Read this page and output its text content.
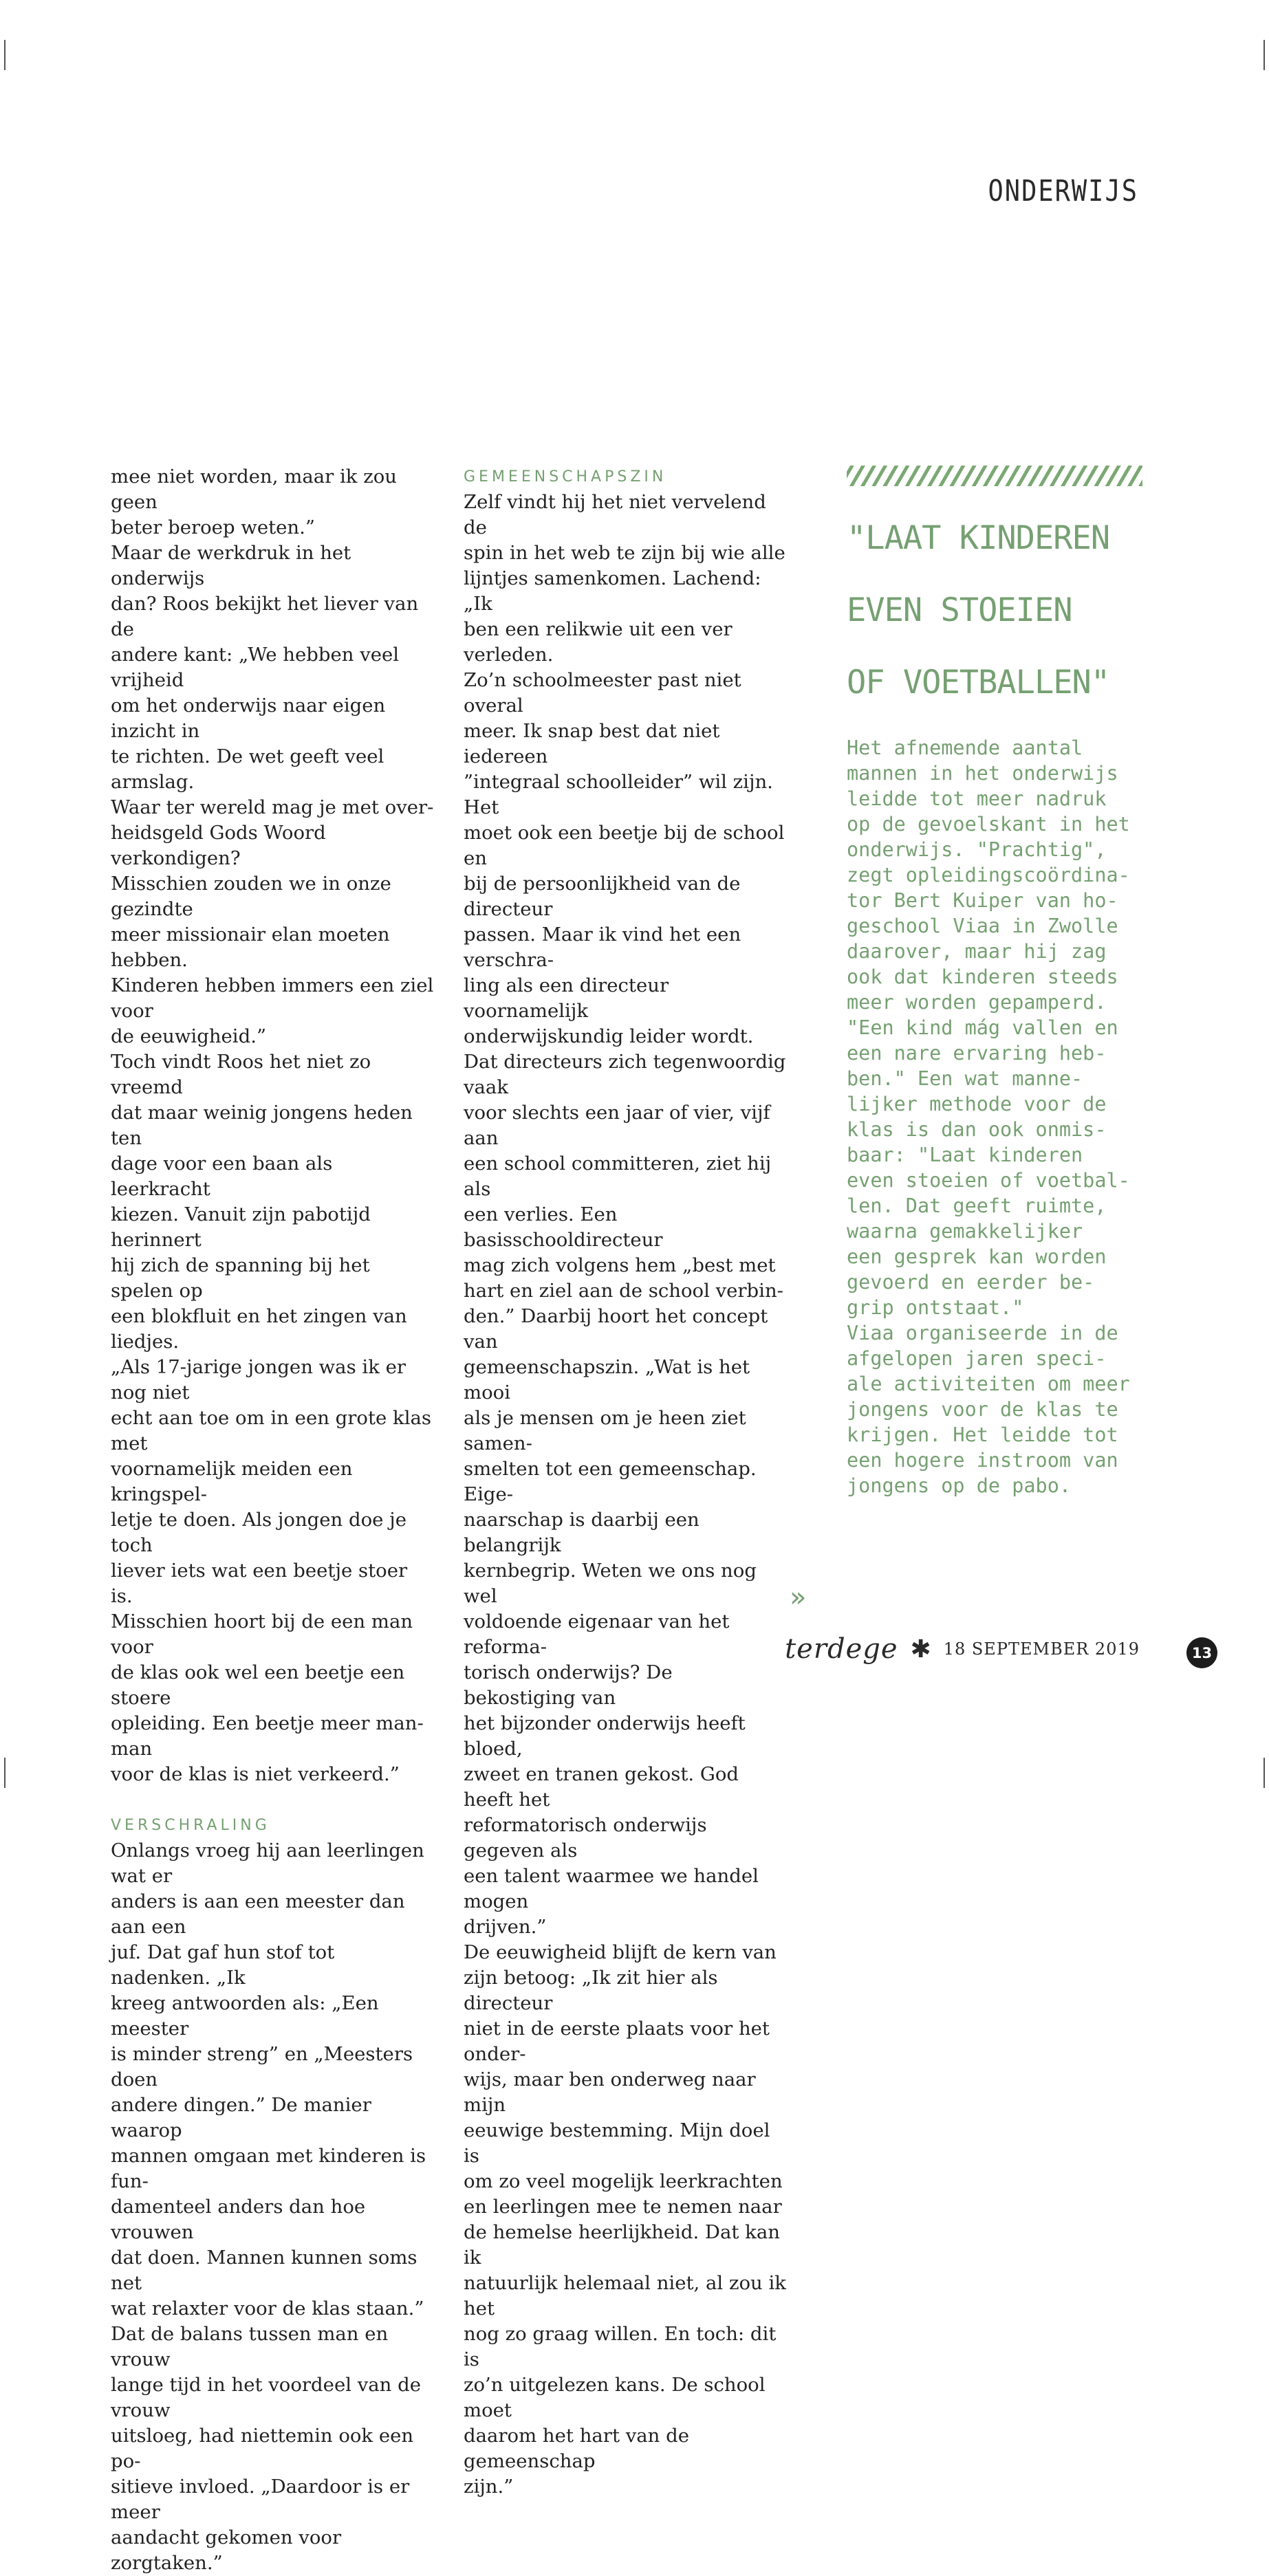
ONDERWIJS

mee niet worden, maar ik zou geen

beter beroep weten.”

Maar de werkdruk in het onderwijs

dan? Roos bekijkt het liever van de

andere kant: „We hebben veel vrijheid

om het onderwijs naar eigen inzicht in

te richten. De wet geeft veel armslag.

Waar ter wereld mag je met over-

heidsgeld Gods Woord verkondigen?

Misschien zouden we in onze gezindte

meer missionair elan moeten hebben.

Kinderen hebben immers een ziel voor

de eeuwigheid.”

Toch vindt Roos het niet zo vreemd

dat maar weinig jongens heden ten

dage voor een baan als leerkracht

kiezen. Vanuit zijn pabotijd herinnert

hij zich de spanning bij het spelen op

een blokfluit en het zingen van liedjes.

„Als 17-jarige jongen was ik er nog niet

echt aan toe om in een grote klas met

voornamelijk meiden een kringspel-

letje te doen. Als jongen doe je toch

liever iets wat een beetje stoer is.

Misschien hoort bij de een man voor

de klas ook wel een beetje een stoere

opleiding. Een beetje meer man-man

voor de klas is niet verkeerd.”

VERSCHRALING

Onlangs vroeg hij aan leerlingen wat er

anders is aan een meester dan aan een

juf. Dat gaf hun stof tot nadenken. „Ik

kreeg antwoorden als: „Een meester

is minder streng” en „Meesters doen

andere dingen.” De manier waarop

mannen omgaan met kinderen is fun-

damenteel anders dan hoe vrouwen

dat doen. Mannen kunnen soms net

wat relaxter voor de klas staan.”

Dat de balans tussen man en vrouw

lange tijd in het voordeel van de vrouw

uitsloeg, had niettemin ook een po-

sitieve invloed. „Daardoor is er meer

aandacht gekomen voor zorgtaken.”

GEMEENSCHAPSZIN

Zelf vindt hij het niet vervelend de

spin in het web te zijn bij wie alle

lijntjes samenkomen. Lachend: „Ik

ben een relikwie uit een ver verleden.

Zo’n schoolmeester past niet overal

meer. Ik snap best dat niet iedereen

”integraal schoolleider” wil zijn. Het

moet ook een beetje bij de school en

bij de persoonlijkheid van de directeur

passen. Maar ik vind het een verschra-

ling als een directeur voornamelijk

onderwijskundig leider wordt.

Dat directeurs zich tegenwoordig vaak

voor slechts een jaar of vier, vijf aan

een school committeren, ziet hij als

een verlies. Een basisschooldirecteur

mag zich volgens hem „best met

hart en ziel aan de school verbin-

den.” Daarbij hoort het concept van

gemeenschapszin. „Wat is het mooi

als je mensen om je heen ziet samen-

smelten tot een gemeenschap. Eige-

naarschap is daarbij een belangrijk

kernbegrip. Weten we ons nog wel

voldoende eigenaar van het reforma-

torisch onderwijs? De bekostiging van

het bijzonder onderwijs heeft bloed,

zweet en tranen gekost. God heeft het

reformatorisch onderwijs gegeven als

een talent waarmee we handel mogen

drijven.”

De eeuwigheid blijft de kern van

zijn betoog: „Ik zit hier als directeur

niet in de eerste plaats voor het onder-

wijs, maar ben onderweg naar mijn

eeuwige bestemming. Mijn doel is

om zo veel mogelijk leerkrachten

en leerlingen mee te nemen naar

de hemelse heerlijkheid. Dat kan ik

natuurlijk helemaal niet, al zou ik het

nog zo graag willen. En toch: dit is

zo’n uitgelezen kans. De school moet

daarom het hart van de gemeenschap

zijn.”

»

"LAAT KINDEREN

EVEN STOEIEN

OF VOETBALLEN"

Het afnemende aantal

mannen in het onderwijs

leidde tot meer nadruk

op de gevoelskant in het

onderwijs. "Prachtig",

zegt opleidingscoördina-

tor Bert Kuiper van ho-

geschool Viaa in Zwolle

daarover, maar hij zag

ook dat kinderen steeds

meer worden gepamperd.

"Een kind mág vallen en

een nare ervaring heb-

ben." Een wat manne-

lijker methode voor de

klas is dan ook onmis-

baar: "Laat kinderen

even stoeien of voetbal-

len. Dat geeft ruimte,

waarna gemakkelijker

een gesprek kan worden

gevoerd en eerder be-

grip ontstaat."

Viaa organiseerde in de

afgelopen jaren speci-

ale activiteiten om meer

jongens voor de klas te

krijgen. Het leidde tot

een hogere instroom van

jongens op de pabo.

terdege ✱ 18 SEPTEMBER 2019	13
